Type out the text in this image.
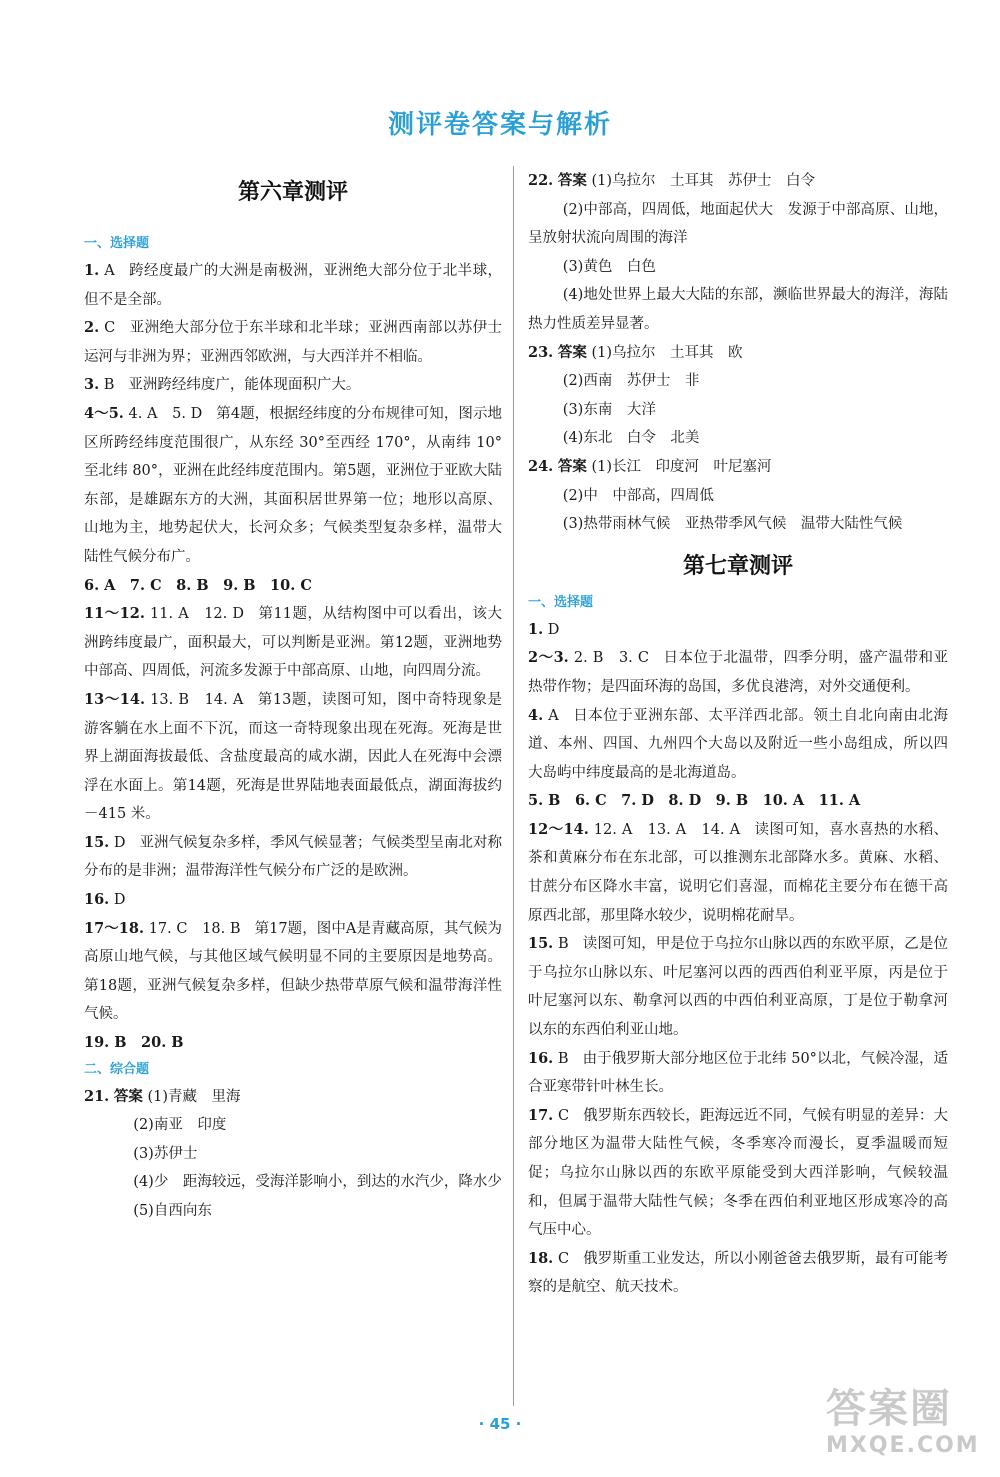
测评卷答案与解析
第六章测评

一、选择题

1. A 跨经度最广的大洲是南极洲，亚洲绝大部分位于北半球，但不是全部。

2. C 亚洲绝大部分位于东半球和北半球；亚洲西南部以苏伊士运河与非洲为界；亚洲西邻欧洲，与大西洋并不相临。

3. B 亚洲跨经纬度广，能体现面积广大。

4～5. 4. A　5. D 第4题，根据经纬度的分布规律可知，图示地区所跨经纬度范围很广，从东经 30°至西经 170°，从南纬 10°至北纬 80°，亚洲在此经纬度范围内。第5题，亚洲位于亚欧大陆东部，是雄踞东方的大洲，其面积居世界第一位；地形以高原、山地为主，地势起伏大，长河众多；气候类型复杂多样，温带大陆性气候分布广。

6. A　7. C　8. B　9. B　10. C

11～12. 11. A　12. D 第11题，从结构图中可以看出，该大洲跨纬度最广，面积最大，可以判断是亚洲。第12题，亚洲地势中部高、四周低，河流多发源于中部高原、山地，向四周分流。

13～14. 13. B　14. A 第13题，读图可知，图中奇特现象是游客躺在水上面不下沉，而这一奇特现象出现在死海。死海是世界上湖面海拔最低、含盐度最高的咸水湖，因此人在死海中会漂浮在水面上。第14题，死海是世界陆地表面最低点，湖面海拔约－415 米。

15. D 亚洲气候复杂多样，季风气候显著；气候类型呈南北对称分布的是非洲；温带海洋性气候分布广泛的是欧洲。

16. D

17～18. 17. C　18. B 第17题，图中A是青藏高原，其气候为高原山地气候，与其他区域气候明显不同的主要原因是地势高。第18题，亚洲气候复杂多样，但缺少热带草原气候和温带海洋性气候。

19. B　20. B

二、综合题

21. 答案 (1)青藏　里海

(2)南亚　印度

(3)苏伊士

(4)少　距海较远，受海洋影响小，到达的水汽少，降水少

(5)自西向东

22. 答案 (1)乌拉尔　土耳其　苏伊士　白令

(2)中部高，四周低，地面起伏大　发源于中部高原、山地，呈放射状流向周围的海洋

(3)黄色　白色

(4)地处世界上最大大陆的东部，濒临世界最大的海洋，海陆热力性质差异显著。

23. 答案 (1)乌拉尔　土耳其　欧

(2)西南　苏伊士　非

(3)东南　大洋

(4)东北　白令　北美

24. 答案 (1)长江　印度河　叶尼塞河

(2)中　中部高，四周低

(3)热带雨林气候　亚热带季风气候　温带大陆性气候

第七章测评

一、选择题

1. D

2～3. 2. B　3. C 日本位于北温带，四季分明，盛产温带和亚热带作物；是四面环海的岛国，多优良港湾，对外交通便利。

4. A 日本位于亚洲东部、太平洋西北部。领土自北向南由北海道、本州、四国、九州四个大岛以及附近一些小岛组成，所以四大岛屿中纬度最高的是北海道岛。

5. B　6. C　7. D　8. D　9. B　10. A　11. A

12～14. 12. A　13. A　14. A 读图可知，喜水喜热的水稻、茶和黄麻分布在东北部，可以推测东北部降水多。黄麻、水稻、甘蔗分布区降水丰富，说明它们喜湿，而棉花主要分布在德干高原西北部，那里降水较少，说明棉花耐旱。

15. B 读图可知，甲是位于乌拉尔山脉以西的东欧平原，乙是位于乌拉尔山脉以东、叶尼塞河以西的西西伯利亚平原，丙是位于叶尼塞河以东、勒拿河以西的中西伯利亚高原，丁是位于勒拿河以东的东西伯利亚山地。

16. B 由于俄罗斯大部分地区位于北纬 50°以北，气候冷湿，适合亚寒带针叶林生长。

17. C 俄罗斯东西较长，距海远近不同，气候有明显的差异：大部分地区为温带大陆性气候，冬季寒冷而漫长，夏季温暖而短促；乌拉尔山脉以西的东欧平原能受到大西洋影响，气候较温和，但属于温带大陆性气候；冬季在西伯利亚地区形成寒冷的高气压中心。

18. C 俄罗斯重工业发达，所以小刚爸爸去俄罗斯，最有可能考察的是航空、航天技术。

· 45 ·	答案圈
MXQE.COM
